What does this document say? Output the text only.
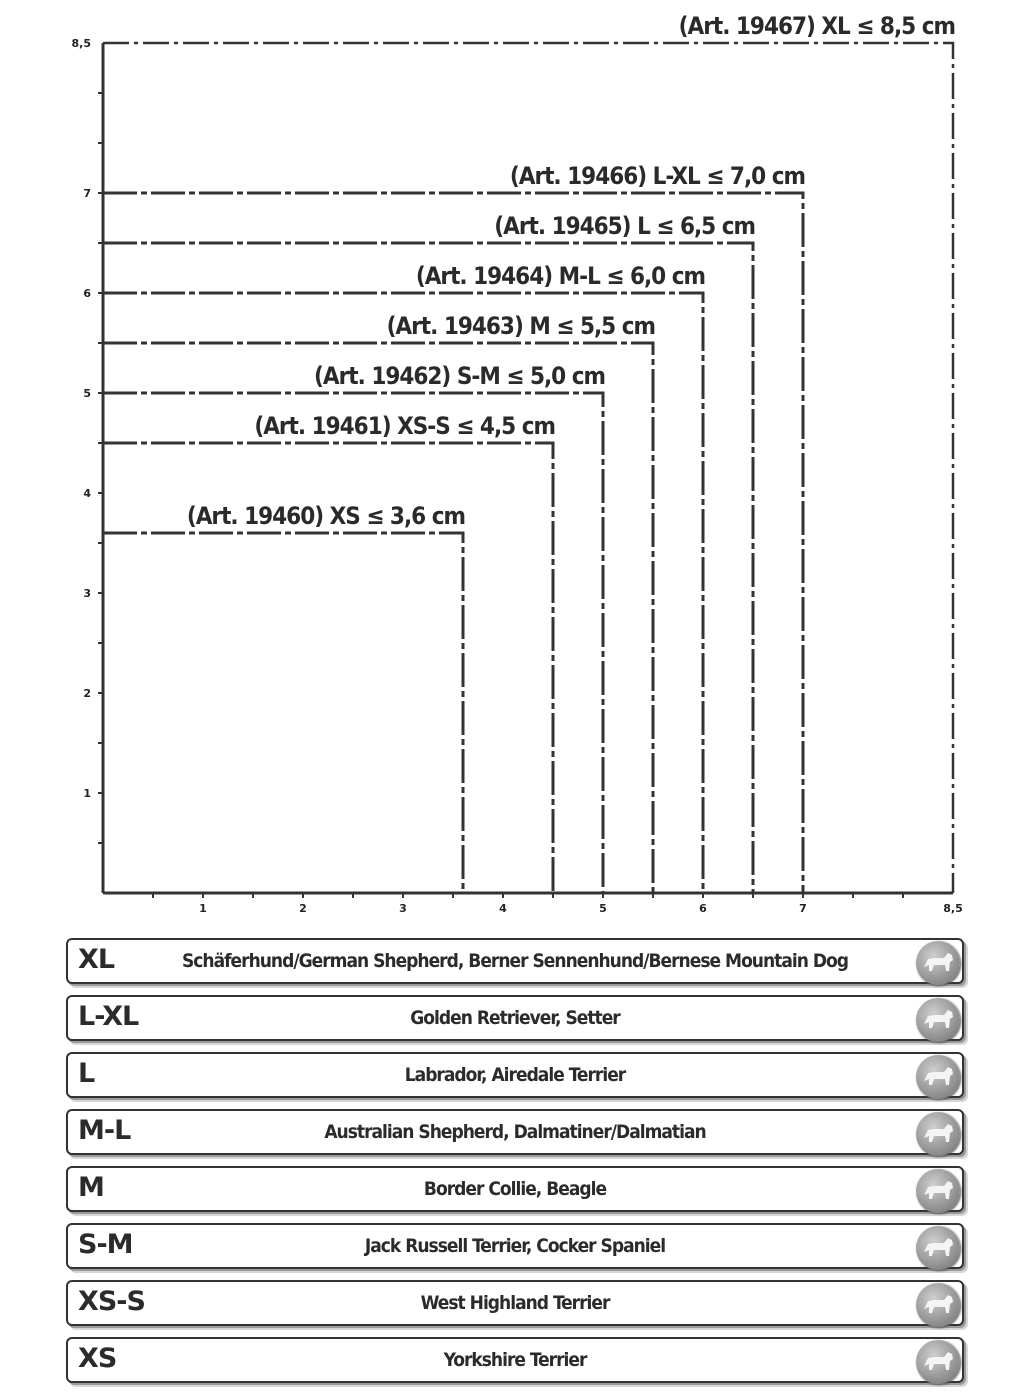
(Art. 19460) XS ≤ 3,6 cm
(Art. 19461) XS-S ≤ 4,5 cm
(Art. 19462) S-M ≤ 5,0 cm
(Art. 19463) M ≤ 5,5 cm
(Art. 19464) M-L ≤ 6,0 cm
(Art. 19465) L ≤ 6,5 cm
(Art. 19466) L-XL ≤ 7,0 cm
(Art. 19467) XL ≤ 8,5 cm
1	2	3	4	5	6	7	8,5
1
2
3
4
5
6
7
8,5
XL	Schäferhund/German Shepherd, Berner Sennenhund/Bernese Mountain Dog
L-XL	Golden Retriever, Setter
L	Labrador, Airedale Terrier
M-L	Australian Shepherd, Dalmatiner/Dalmatian
M	Border Collie, Beagle
S-M	Jack Russell Terrier, Cocker Spaniel
XS-S	West Highland Terrier
XS	Yorkshire Terrier
